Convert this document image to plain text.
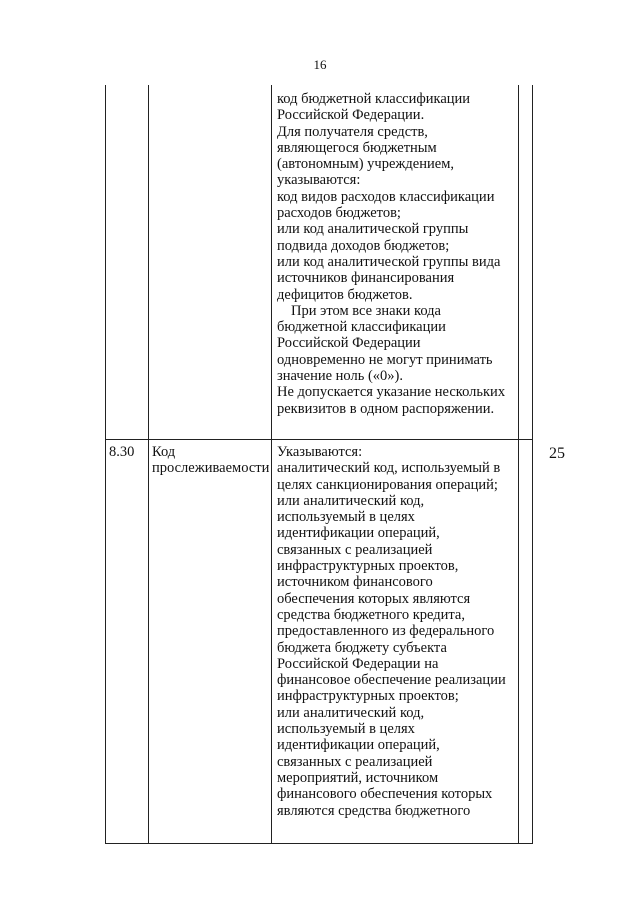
16

код бюджетной классификации

Российской Федерации.

Для получателя средств,

являющегося бюджетным

(автономным) учреждением,

указываются:

код видов расходов классификации

расходов бюджетов;

или код аналитической группы

подвида доходов бюджетов;

или код аналитической группы вида

источников финансирования

дефицитов бюджетов.

При этом все знаки кода

бюджетной классификации

Российской Федерации

одновременно не могут принимать

значение ноль («0»).

Не допускается указание нескольких

реквизитов в одном распоряжении.

8.30 Код
прослеживаемости

Указываются:

аналитический код, используемый в

целях санкционирования операций;

или аналитический код,

используемый в целях

идентификации операций,

связанных с реализацией

инфраструктурных проектов,

источником финансового

обеспечения которых являются

средства бюджетного кредита,

предоставленного из федерального

бюджета бюджету субъекта

Российской Федерации на

финансовое обеспечение реализации

инфраструктурных проектов;

или аналитический код,

используемый в целях

идентификации операций,

связанных с реализацией

мероприятий, источником

финансового обеспечения которых

являются средства бюджетного

25
